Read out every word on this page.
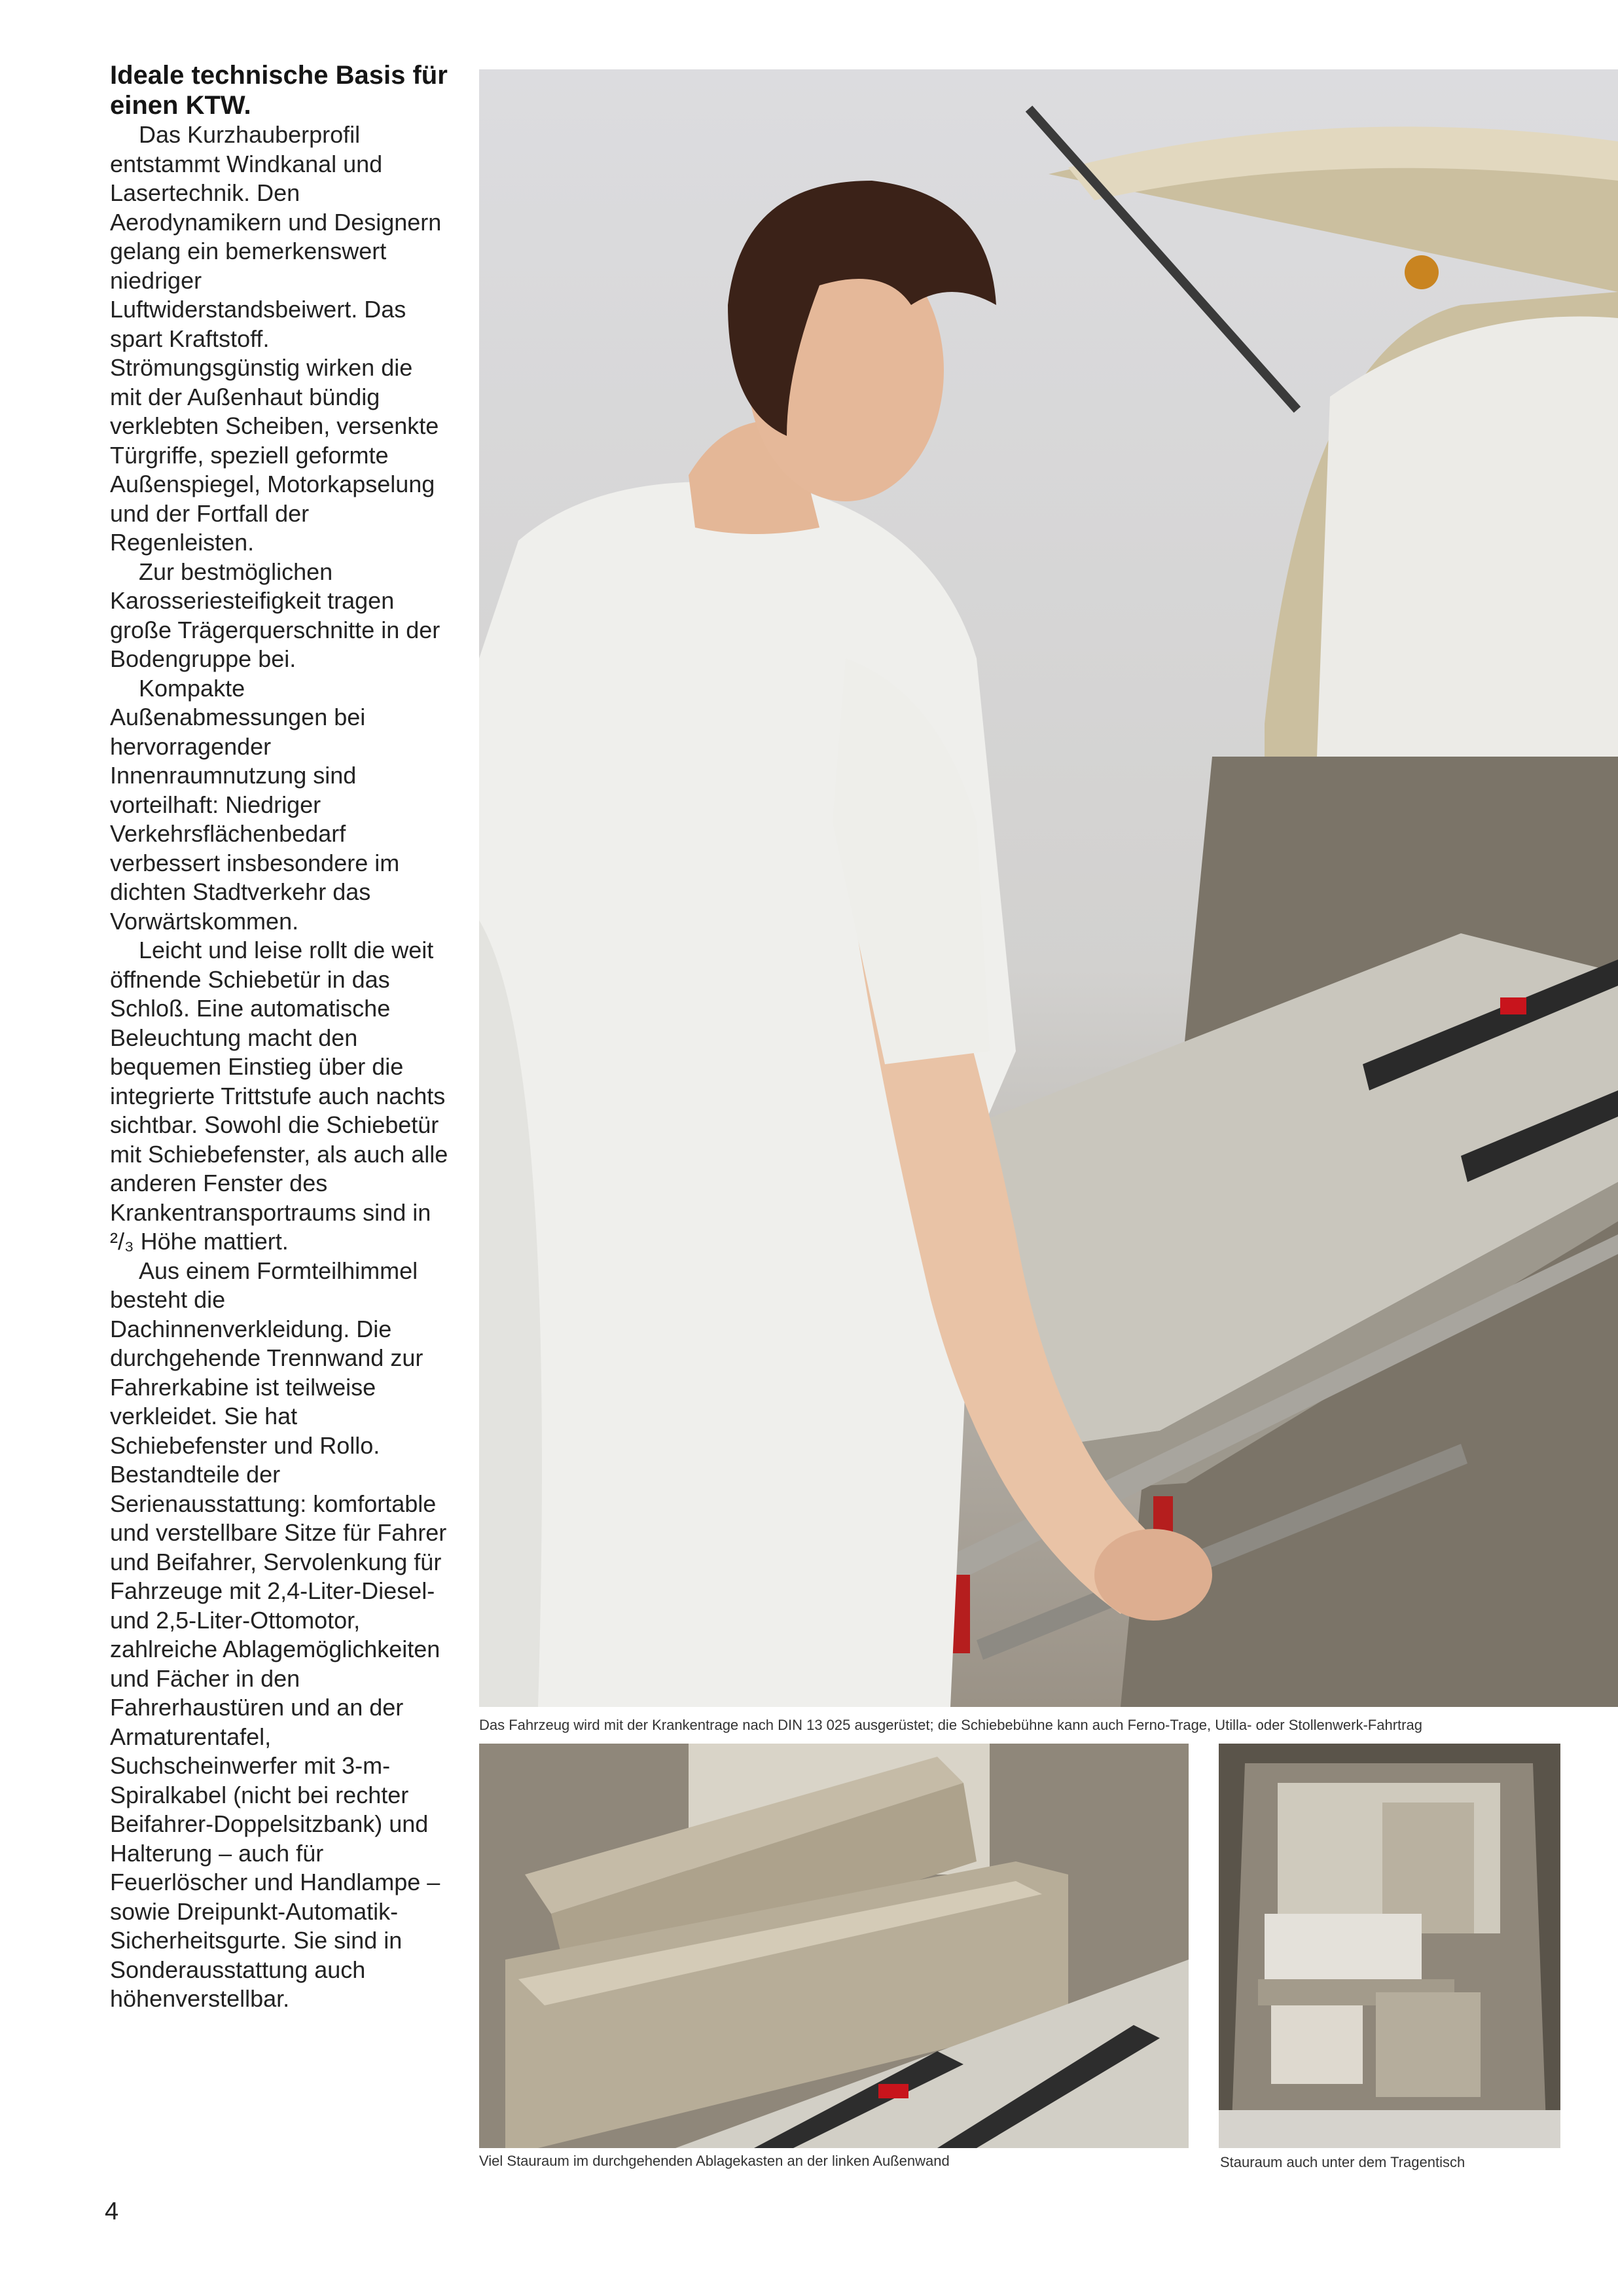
Ideale technische Basis für einen KTW.

Das Kurzhauberprofil entstammt Windkanal und Lasertechnik. Den Aerodynamikern und Designern gelang ein bemerkenswert niedriger Luftwiderstandsbeiwert. Das spart Kraftstoff. Strömungsgünstig wirken die mit der Außenhaut bündig verklebten Scheiben, versenkte Türgriffe, speziell geformte Außenspiegel, Motorkapselung und der Fortfall der Regenleisten.

Zur bestmöglichen Karosseriesteifigkeit tragen große Trägerquerschnitte in der Bodengruppe bei.

Kompakte Außenabmessungen bei hervorragender Innenraumnutzung sind vorteilhaft: Niedriger Verkehrsflächenbedarf verbessert insbesondere im dichten Stadtverkehr das Vorwärtskommen.

Leicht und leise rollt die weit öffnende Schiebetür in das Schloß. Eine automatische Beleuchtung macht den bequemen Einstieg über die integrierte Trittstufe auch nachts sichtbar. Sowohl die Schiebetür mit Schiebefenster, als auch alle anderen Fenster des Krankentransportraums sind in ²/₃ Höhe mattiert.

Aus einem Formteilhimmel besteht die Dachinnenverkleidung. Die durchgehende Trennwand zur Fahrerkabine ist teilweise verkleidet. Sie hat Schiebefenster und Rollo. Bestandteile der Serienausstattung: komfortable und verstellbare Sitze für Fahrer und Beifahrer, Servolenkung für Fahrzeuge mit 2,4-Liter-Diesel- und 2,5-Liter-Ottomotor, zahlreiche Ablagemöglichkeiten und Fächer in den Fahrerhaustüren und an der Armaturentafel, Suchscheinwerfer mit 3-m-Spiralkabel (nicht bei rechter Beifahrer-Doppelsitzbank) und Halterung – auch für Feuerlöscher und Handlampe – sowie Dreipunkt-Automatik-Sicherheitsgurte. Sie sind in Sonderausstattung auch höhenverstellbar.

Das Fahrzeug wird mit der Krankentrage nach DIN 13 025 ausgerüstet; die Schiebebühne kann auch Ferno-Trage, Utilla- oder Stollenwerk-Fahrtrag
Viel Stauraum im durchgehenden Ablagekasten an der linken Außenwand	Stauraum auch unter dem Tragentisch
4
